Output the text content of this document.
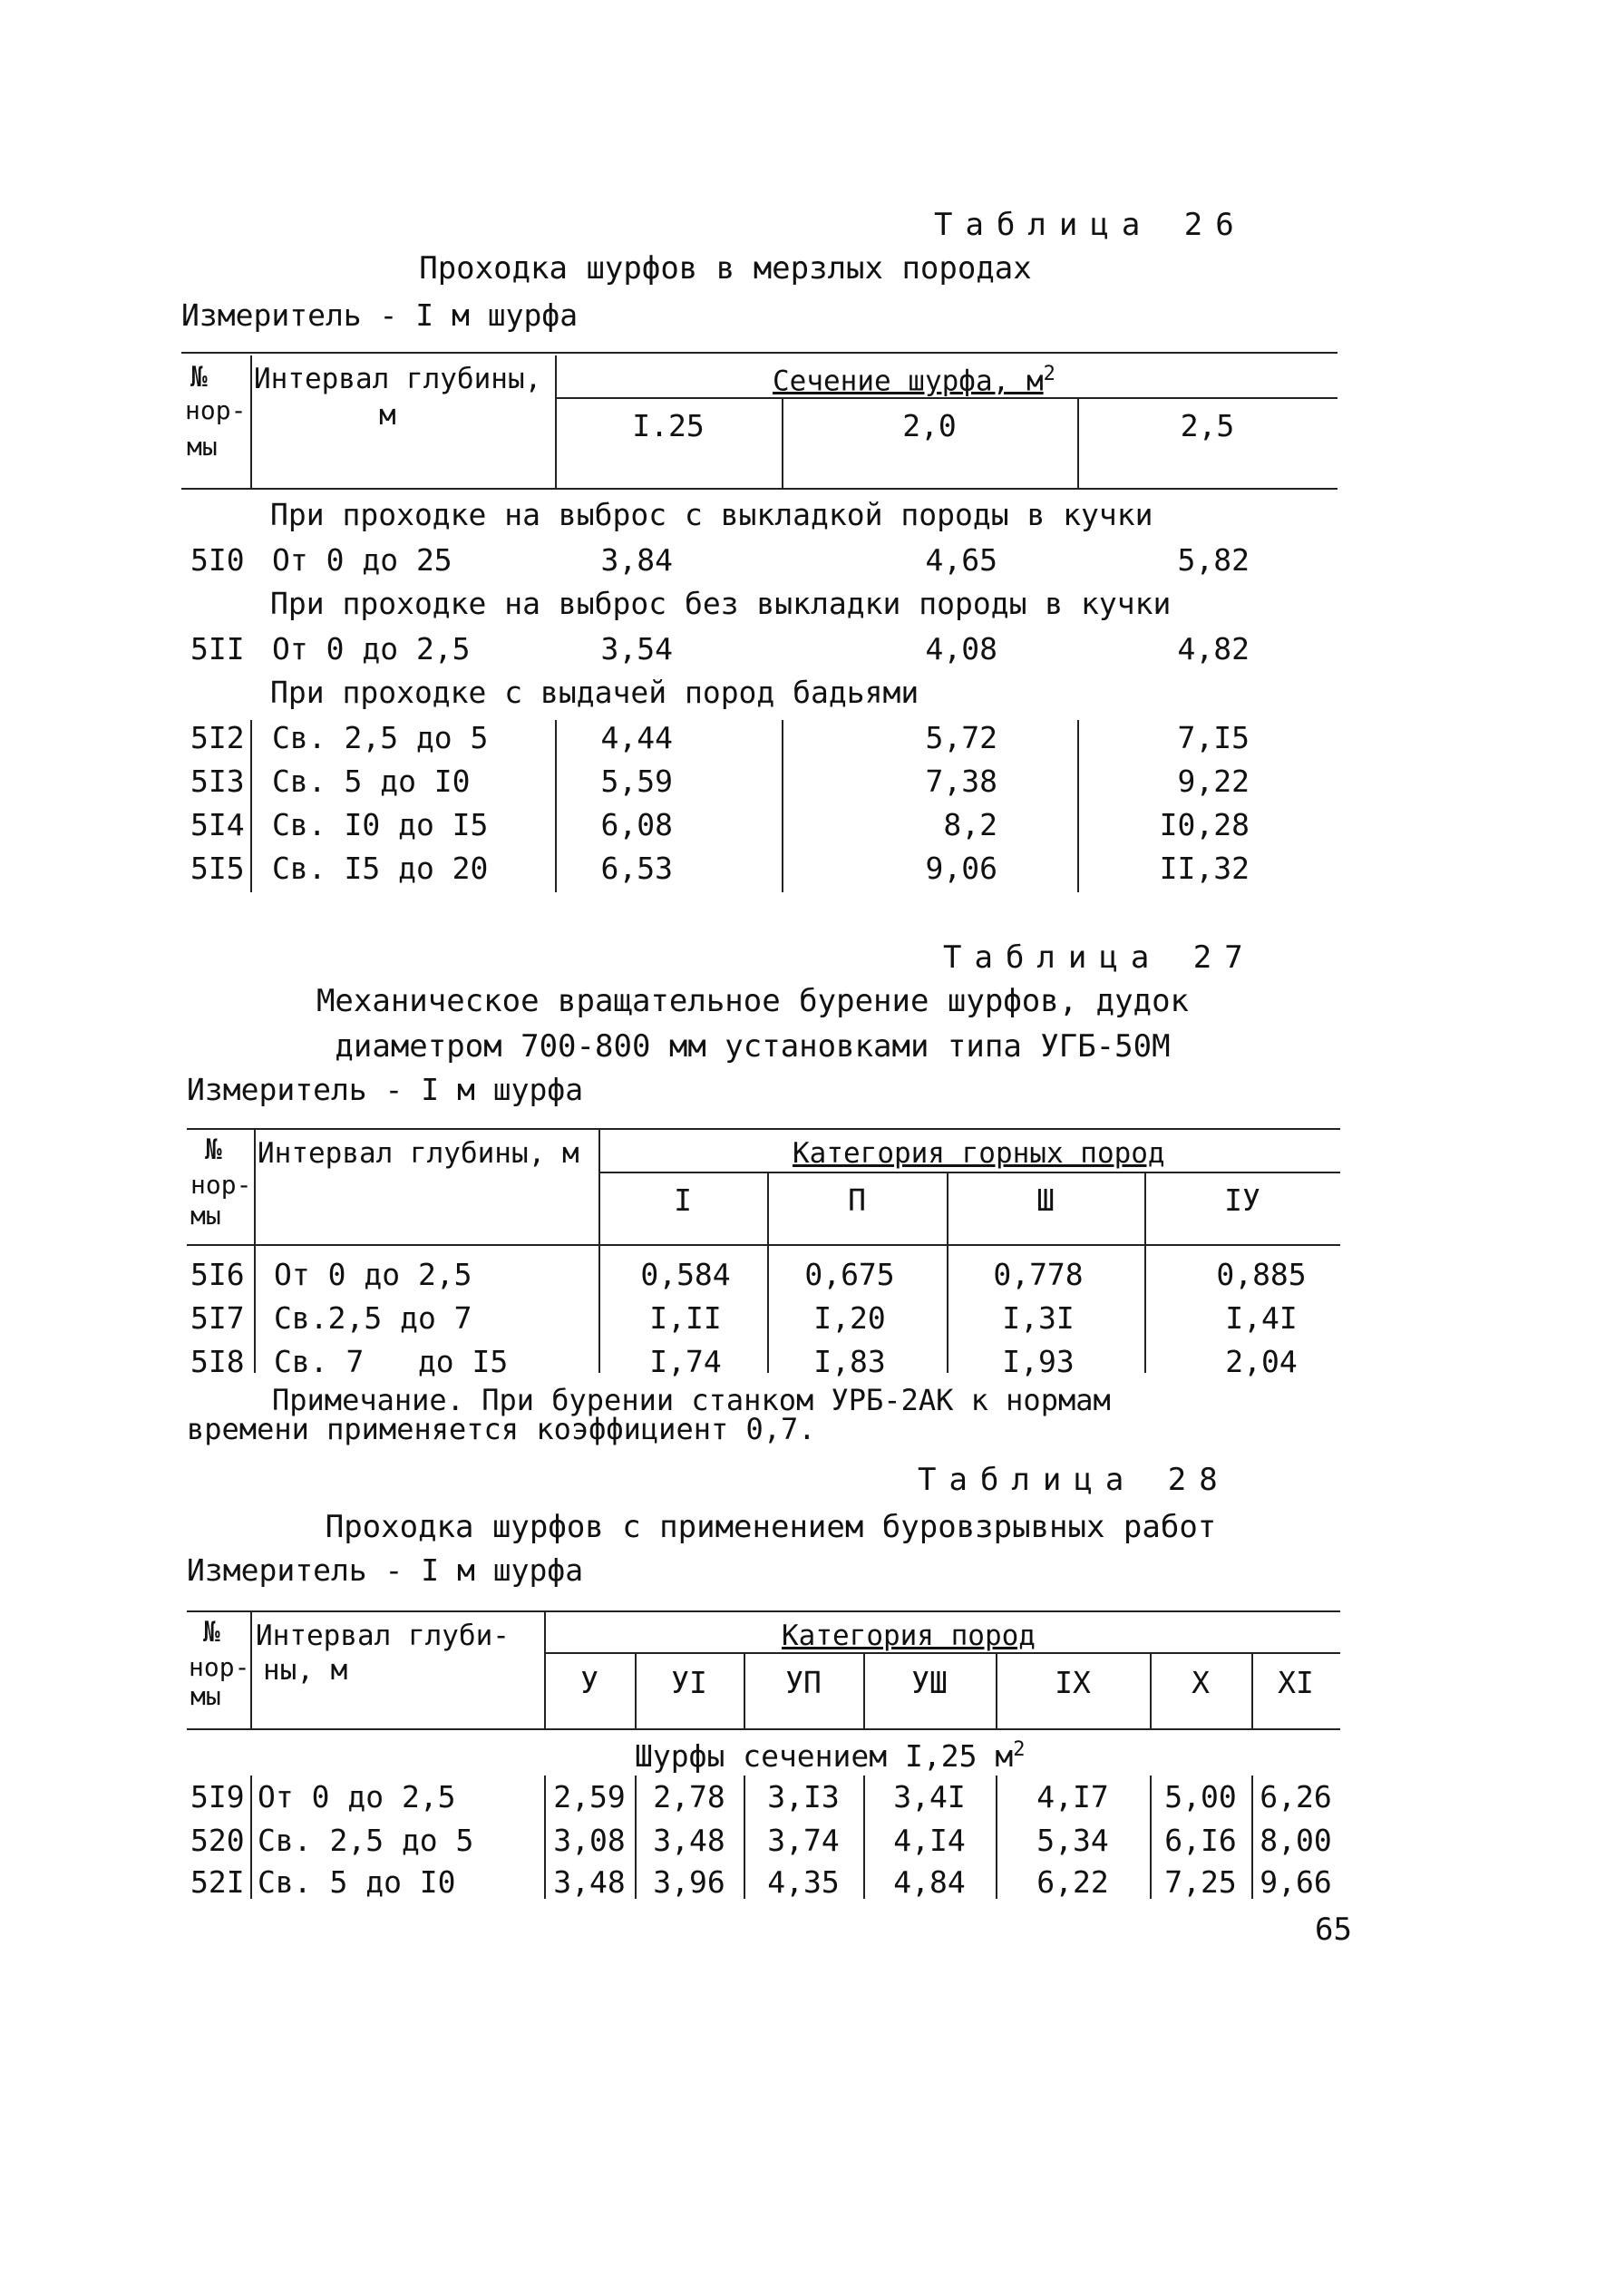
Таблица 26
Проходка шурфов в мерзлых породах
Измеритель - I м шурфа
№
нор-
мы
Интервал глубины,
м
Сечение шурфа, $м^2$
I.25	2,0	2,5
При проходке на выброс с выкладкой породы в кучки
5I0 От 0 до 25	3,84	4,65	5,82
При проходке на выброс без выкладки породы в кучки
5II От 0 до 2,5	3,54	4,08	4,82
При проходке с выдачей пород бадьями
5I2 Св. 2,5 до 5	4,44	5,72	7,I5
5I3 Св. 5 до I0	5,59	7,38	9,22
5I4 Св. I0 до I5	6,08	8,2	I0,28
5I5 Св. I5 до 20	6,53	9,06	II,32
Таблица 27
Механическое вращательное бурение шурфов, дудок
диаметром 700-800 мм установками типа УГБ-50М
Измеритель - I м шурфа
№
нор-
мы
Интервал глубины, м	Категория горных пород
I	П	Ш	IУ
5I6 От 0 до 2,5	0,584	0,675	0,778	0,885
5I7 Св.2,5 до 7	I,II	I,20	I,3I	I,4I
5I8 Св. 7   до I5	I,74	I,83	I,93	2,04
Примечание. При бурении станком УРБ-2АК к нормам
времени применяется коэффициент 0,7.
Таблица 28
Проходка шурфов с применением буровзрывных работ
Измеритель - I м шурфа
№
нор-
мы
Интервал глуби-
ны, м
Категория пород
У	УI	УП	УШ	IX	X	XI
Шурфы сечением I,25 $м^2$
5I9 От 0 до 2,5	2,59 2,78	3,I3	3,4I	4,I7	5,00 6,26
520 Св. 2,5 до 5	3,08 3,48	3,74	4,I4	5,34	6,I6 8,00
52I Св. 5 до I0	3,48 3,96	4,35	4,84	6,22	7,25 9,66
65
